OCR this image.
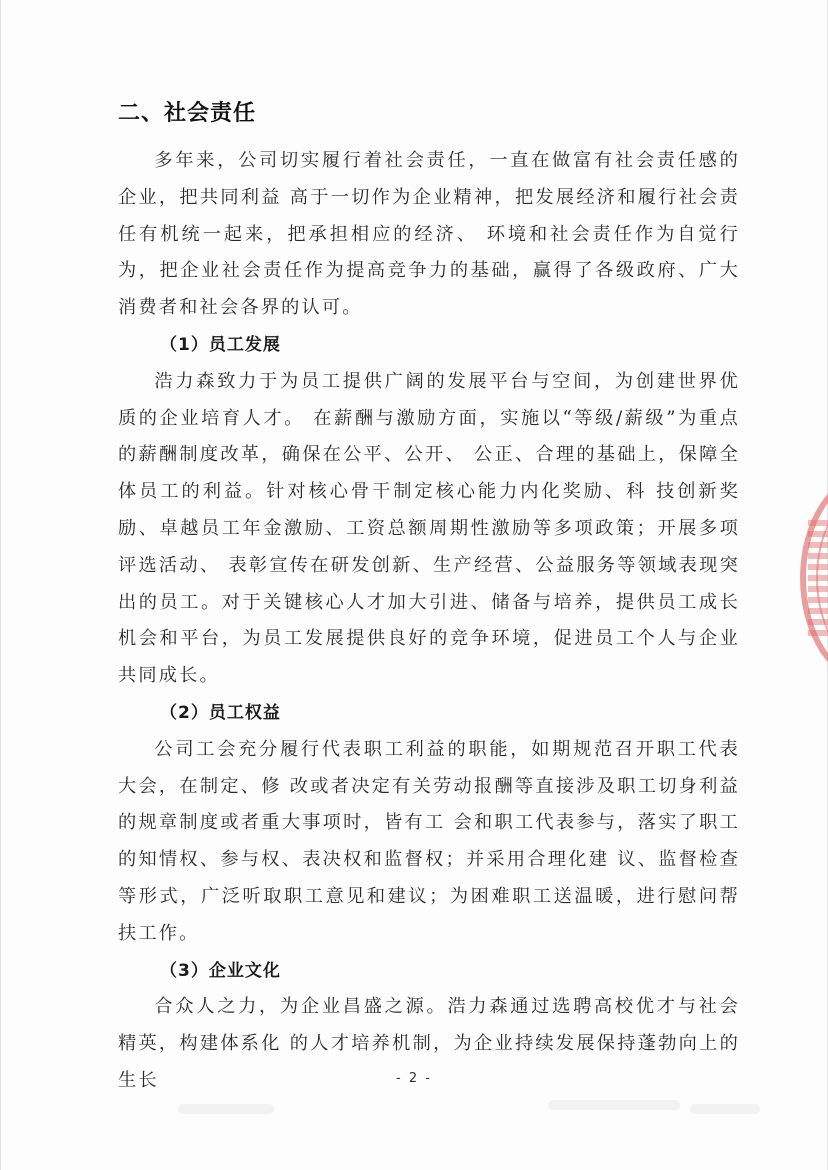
二、社会责任

多年来，公司切实履行着社会责任，一直在做富有社会责任感的企业，把共同利益 高于一切作为企业精神，把发展经济和履行社会责任有机统一起来，把承担相应的经济、 环境和社会责任作为自觉行为，把企业社会责任作为提高竞争力的基础，赢得了各级政府、广大消费者和社会各界的认可。

（1）员工发展

浩力森致力于为员工提供广阔的发展平台与空间，为创建世界优质的企业培育人才。 在薪酬与激励方面，实施以“等级/薪级”为重点的薪酬制度改革，确保在公平、公开、 公正、合理的基础上，保障全体员工的利益。针对核心骨干制定核心能力内化奖励、科 技创新奖励、卓越员工年金激励、工资总额周期性激励等多项政策；开展多项评选活动、 表彰宣传在研发创新、生产经营、公益服务等领域表现突出的员工。对于关键核心人才加大引进、储备与培养，提供员工成长机会和平台，为员工发展提供良好的竞争环境，促进员工个人与企业共同成长。

（2）员工权益

公司工会充分履行代表职工利益的职能，如期规范召开职工代表大会，在制定、修 改或者决定有关劳动报酬等直接涉及职工切身利益的规章制度或者重大事项时，皆有工 会和职工代表参与，落实了职工的知情权、参与权、表决权和监督权；并采用合理化建 议、监督检查等形式，广泛听取职工意见和建议；为困难职工送温暖，进行慰问帮扶工作。

（3）企业文化

合众人之力，为企业昌盛之源。浩力森通过选聘高校优才与社会精英，构建体系化 的人才培养机制，为企业持续发展保持蓬勃向上的生长	- 2 -
